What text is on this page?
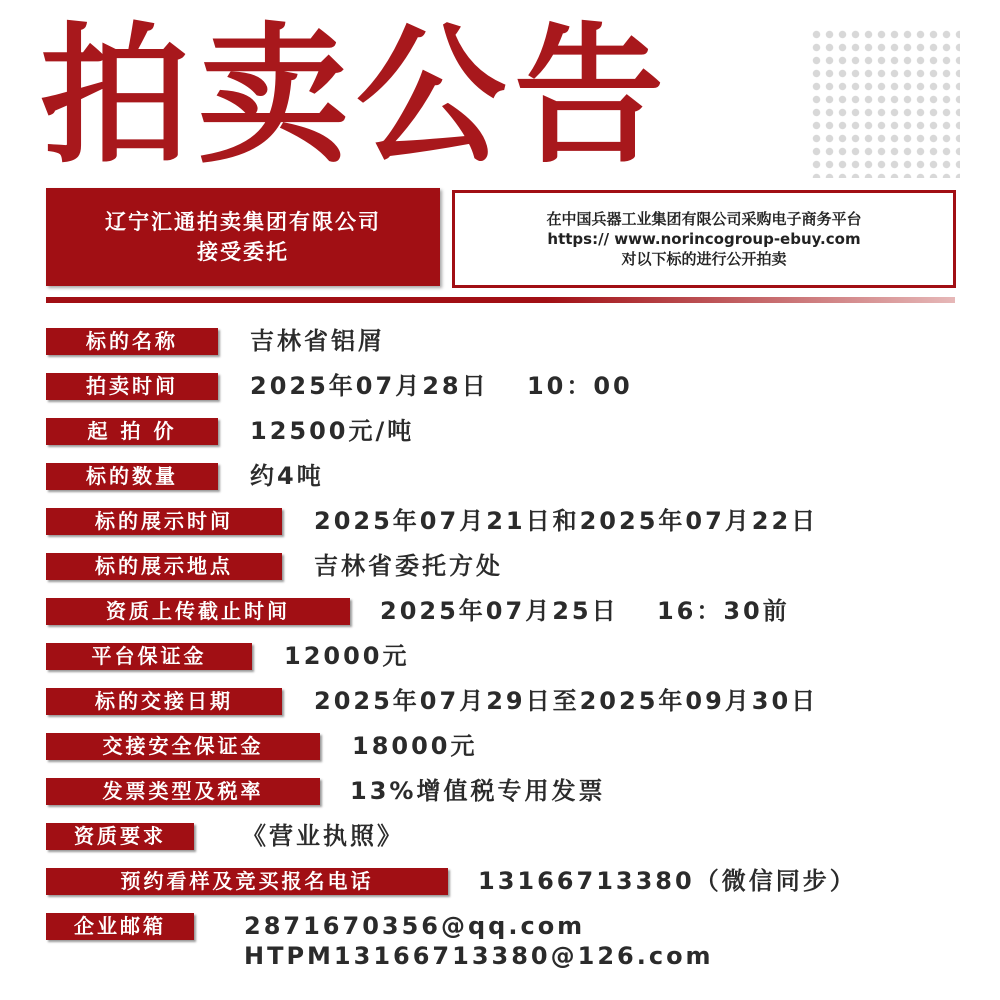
拍卖公告
辽宁汇通拍卖集团有限公司
接受委托
在中国兵器工业集团有限公司采购电子商务平台
https:// www.norincogroup-ebuy.com
对以下标的进行公开拍卖
标的名称	吉林省铝屑
拍卖时间	2025年07月28日　 10：00
起 拍 价	12500元/吨
标的数量	约4吨
标的展示时间	2025年07月21日和2025年07月22日
标的展示地点	吉林省委托方处
资质上传截止时间	2025年07月25日　 16：30前
平台保证金	12000元
标的交接日期	2025年07月29日至2025年09月30日
交接安全保证金	18000元
发票类型及税率	13%增值税专用发票
资质要求	《营业执照》
预约看样及竞买报名电话	13166713380（微信同步）
企业邮箱	2871670356@qq.com
HTPM13166713380@126.com
